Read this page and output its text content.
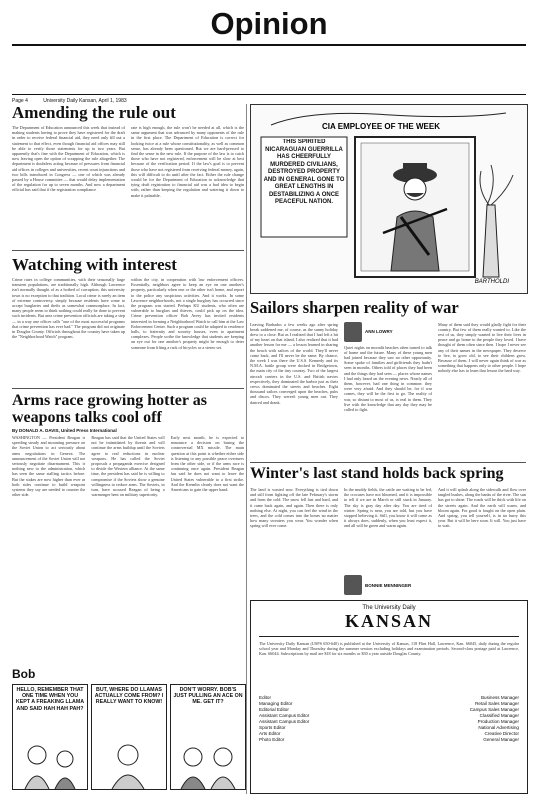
Opinion
Page 4	University Daily Kansan, April 1, 1983
Amending the rule out
The Department of Education announced this week that instead of making students having to prove they have registered for the draft in order to receive federal financial aid, they need only fill out a statement to that effect, even though financial aid offices may still be able to verify those statements for up to two years. But apparently that's fine with the Department of Education, which is now leaving open the option of scrapping the rule altogether. The department is doubtless acting because of pressures from financial aid offices in colleges and universities, recent court injunctions and two bills introduced in Congress — one of which was already passed by a House committee — that would delay implementation of the regulation for up to seven months. And now a department official has said that if the registration compliance
rate is high enough, the rule won't be needed at all, which is the same argument that was advanced by many opponents of the rule in the first place. The Department of Education is correct for looking twice at a rule whose constitutionality, as well as common sense, has already been questioned. But we are hard-pressed to find the sense in the new rule. If the purpose of the law is to catch those who have not registered, enforcement will be slow at best because of the verification period. If the law's goal is to prevent those who have not registered from receiving federal money, again, this will difficult to do until after the fact. Either the rule change would be for the Department of Education to acknowledge that tying draft registration to financial aid was a bad idea to begin with, rather than keeping the regulation and watering it down to make it palatable.
CIA EMPLOYEE OF THE WEEK
THIS SPIRITED NICARAGUAN GUERRILLA HAS CHEERFULLY MURDERED CIVILIANS, DESTROYED PROPERTY AND IN GENERAL GONE TO GREAT LENGTHS IN DESTABILIZING A ONCE PEACEFUL NATION.
BARTHOLDI
Watching with interest
Crime rates in college communities, with their seasonally large transient populations, are traditionally high. Although Lawrence isn't normally thought of as a hotbed of corruption, this university town is no exception to that tradition. Local crime is rarely an item of extreme controversy, simply because residents have come to accept burglaries and thefts as somewhat commonplace. In fact, many people seem to think nothing could really be done to prevent such incidents. But area crime prevention officials are taking a step — in a way one officer calls "one of the most successful programs that crime prevention has ever had." The program did not originate in Douglas County. Officials throughout the country have taken up the "Neighborhood Watch" program.
within the city, in cooperation with law enforcement officers. Essentially, neighbors agree to keep an eye on one another's property, particularly when one or the other isn't home, and report to the police any suspicious activities. And it works. In some Lawrence neighborhoods, not a single burglary has occurred since the program was started. Perhaps KU students, who often are vulnerable to burglars and thieves, could pick up on the idea. Crime prevention officer Bob Avery has invited residents interested in forming a Neighborhood Watch to call him at the Law Enforcement Center. Such a program could be adapted to residence halls, to fraternity and sorority houses, even to apartment complexes. People scribe the knowledge that students are keeping an eye out for one another's property might be enough to deter someone from lifting a rack of bicycles or a stereo set.
Sailors sharpen reality of war
Leaving Barbados a few weeks ago after spring break saddened me, of course, as the sunny holiday drew to a close. But as I realized that I had left a bit of my heart on that island, I also realized that it had another lesson for me — a lesson learned in sharing the beach with sailors of the world. They'll never come back, and I'll never be the same. By chance, the week I was there the U.S.S. Kennedy and its N.M.A. battle group were docked in Bridgetown, the main city of the tiny country. Two of the largest aircraft carriers in the U.S. and British navies respectively, they dominated the harbor just as their crews dominated the streets and beaches. Eight thousand sailors converged upon the beaches, pubs and discos. They weren't young men out. They danced and drank.
ANN LOWRY
Quiet nights on moonlit beaches often turned to talk of home and the future. Many of these young men had joined because they saw no other opportunity. Some spoke of families and girlfriends they hadn't seen in months. Others told of places they had been and the things they had seen — places whose names I had only heard on the evening news. Nearly all of them, however, had one thing in common: they were very afraid. And they should be, for if war comes, they will be the first to go. The reality of war, so distant to most of us, is real to them. They live with the knowledge that any day they may be called to fight.
Many of them said they would gladly fight for their country. But few of them really wanted to. Like the rest of us, they simply wanted to live their lives in peace and go home to the people they loved. I have thought of them often since then. I hope I never see any of their names in the newspaper. They deserve to live, to grow old, to see their children grow. Because of them, I will never again think of war as something that happens only to other people. I hope nobody else has to learn that lesson the hard way.
Arms race growing hotter as weapons talks cool off
By DONALD A. DAVIS, United Press International
WASHINGTON — President Reagan is speeding steady and mounting pressure on the Soviet Union to act seriously about arms negotiations in Geneva. The announcement of the Soviet Union will not seriously negotiate disarmament. This is nothing new to the administration, which has seen the same stalling tactics before. But the stakes are now higher than ever as both sides continue to build weapons systems they say are needed to counter the other side.
Reagan has said that the United States will not be intimidated by threats and will continue the arms buildup until the Soviets agree to real reductions in nuclear weapons. He has called the Soviet proposals a propaganda exercise designed to divide the Western alliance. At the same time, the president has said he is willing to compromise if the Soviets show a genuine willingness to reduce arms. The Soviets, in turn, have accused Reagan of being a warmonger bent on military superiority.
Early next month, he is expected to announce a decision on basing the controversial MX missile. The main question at this point is whether either side is listening to any possible peace overtures from the other side, or if the arms race is continuing once again. President Reagan has said he does not want to leave the United States vulnerable to a first strike. And the Kremlin clearly does not want the Americans to gain the upper hand.
Winter's last stand holds back spring
The land is wasted now. Everything is tied down and still from fighting off the late February's storm and from the cold. The snow fell fast and hard, and it came back again, and again. Then there is only nothing else. At night, you can feel the wind in the trees, and the cold comes into the bones no matter how many sweaters you wear. You wonder when spring will ever come.
In the muddy fields, the cattle are waiting to be fed, the crocuses have not bloomed, and it is impossible to tell if we are in March or still stuck in January. The sky is gray day after day. You are tired of winter. Spring is near, you are told, but you have stopped believing it. Still, you know it will come as it always does, suddenly, when you least expect it, and all will be green and warm again.
BONNIE MENNINGER
And it will splash along the sidewalk and flow over tangled bushes, along the banks of the river. The sun has got to shine. The roads will be thick with life on the streets again. And the earth will warm, and bloom again. For good is fought on the open plain. And spring, you tell yourself, is in no hurry this year. But it will be here soon. It will. You just have to wait.
Bob
HELLO, REMEMBER THAT ONE TIME WHEN YOU KEPT A FREAKING LLAMA AND SAID HAH HAH PAH?
BUT, WHERE DO LLAMAS ACTUALLY COME FROM? I REALLY WANT TO KNOW!
DON'T WORRY. BOB'S JUST PULLING AN ACE ON ME. GET IT?
The University Daily
KANSAN
The University Daily Kansan (USPS 650-640) is published at the University of Kansas, 118 Flint Hall, Lawrence, Kan. 66045, daily during the regular school year and Monday and Thursday during the summer session excluding holidays and examination periods. Second-class postage paid at Lawrence, Kan. 66044. Subscriptions by mail are $18 for six months or $30 a year outside Douglas County.
Editor
Managing Editor
Editorial Editor
Assistant Campus Editor
Assistant Campus Editor
Sports Editor
Arts Editor
Photo Editor
Business Manager
Retail Sales Manager
Campus Sales Manager
Classified Manager
Production Manager
National Advertising
Creative Director
General Manager
